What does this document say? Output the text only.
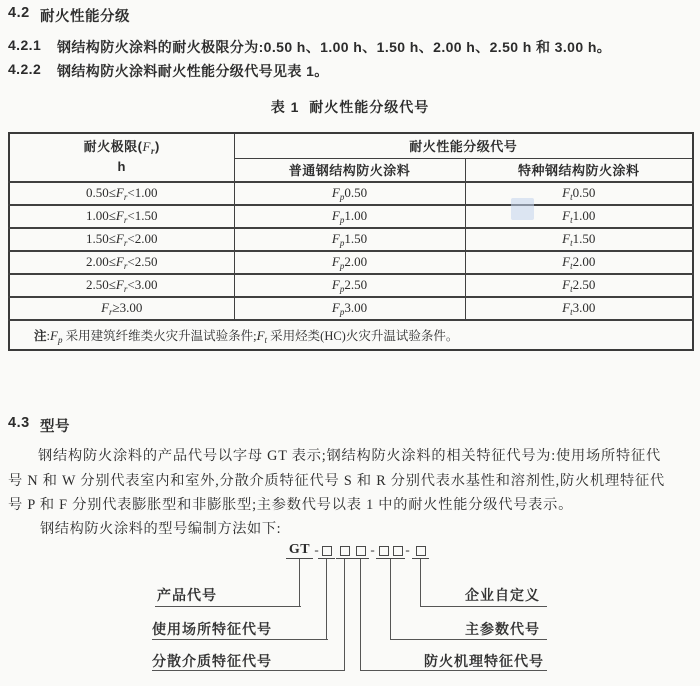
4.2 耐火性能分级
4.2.1	钢结构防火涂料的耐火极限分为:0.50 h、1.00 h、1.50 h、2.00 h、2.50 h 和 3.00 h。
4.2.2	钢结构防火涂料耐火性能分级代号见表 1。
表 1  耐火性能分级代号
耐火极限$(F_r)$
h	耐火性能分级代号	
	普通钢结构防火涂料	特种钢结构防火涂料
$0.50\le F_r<1.00$	$F_p0.50$	$F_t0.50$
$1.00\le F_r<1.50$	$F_p1.00$	$F_t1.00$
$1.50\le F_r<2.00$	$F_p1.50$	$F_t1.50$
$2.00\le F_r<2.50$	$F_p2.00$	$F_t2.00$
$2.50\le F_r<3.00$	$F_p2.50$	$F_t2.50$
$F_r\ge 3.00$	$F_p3.00$	$F_t3.00$
注$:F_p$ 采用建筑纤维类火灾升温试验条件$;F_t$ 采用烃类(HC)火灾升温试验条件。		
4.3 型号
钢结构防火涂料的产品代号以字母 GT 表示;钢结构防火涂料的相关特征代号为:使用场所特征代
号 N 和 W 分别代表室内和室外,分散介质特征代号 S 和 R 分别代表水基性和溶剂性,防火机理特征代
号 P 和 F 分别代表膨胀型和非膨胀型;主参数代号以表 1 中的耐火性能分级代号表示。
钢结构防火涂料的型号编制方法如下:
GT -	- -
产品代号	企业自定义
使用场所特征代号	主参数代号
分散介质特征代号	防火机理特征代号
